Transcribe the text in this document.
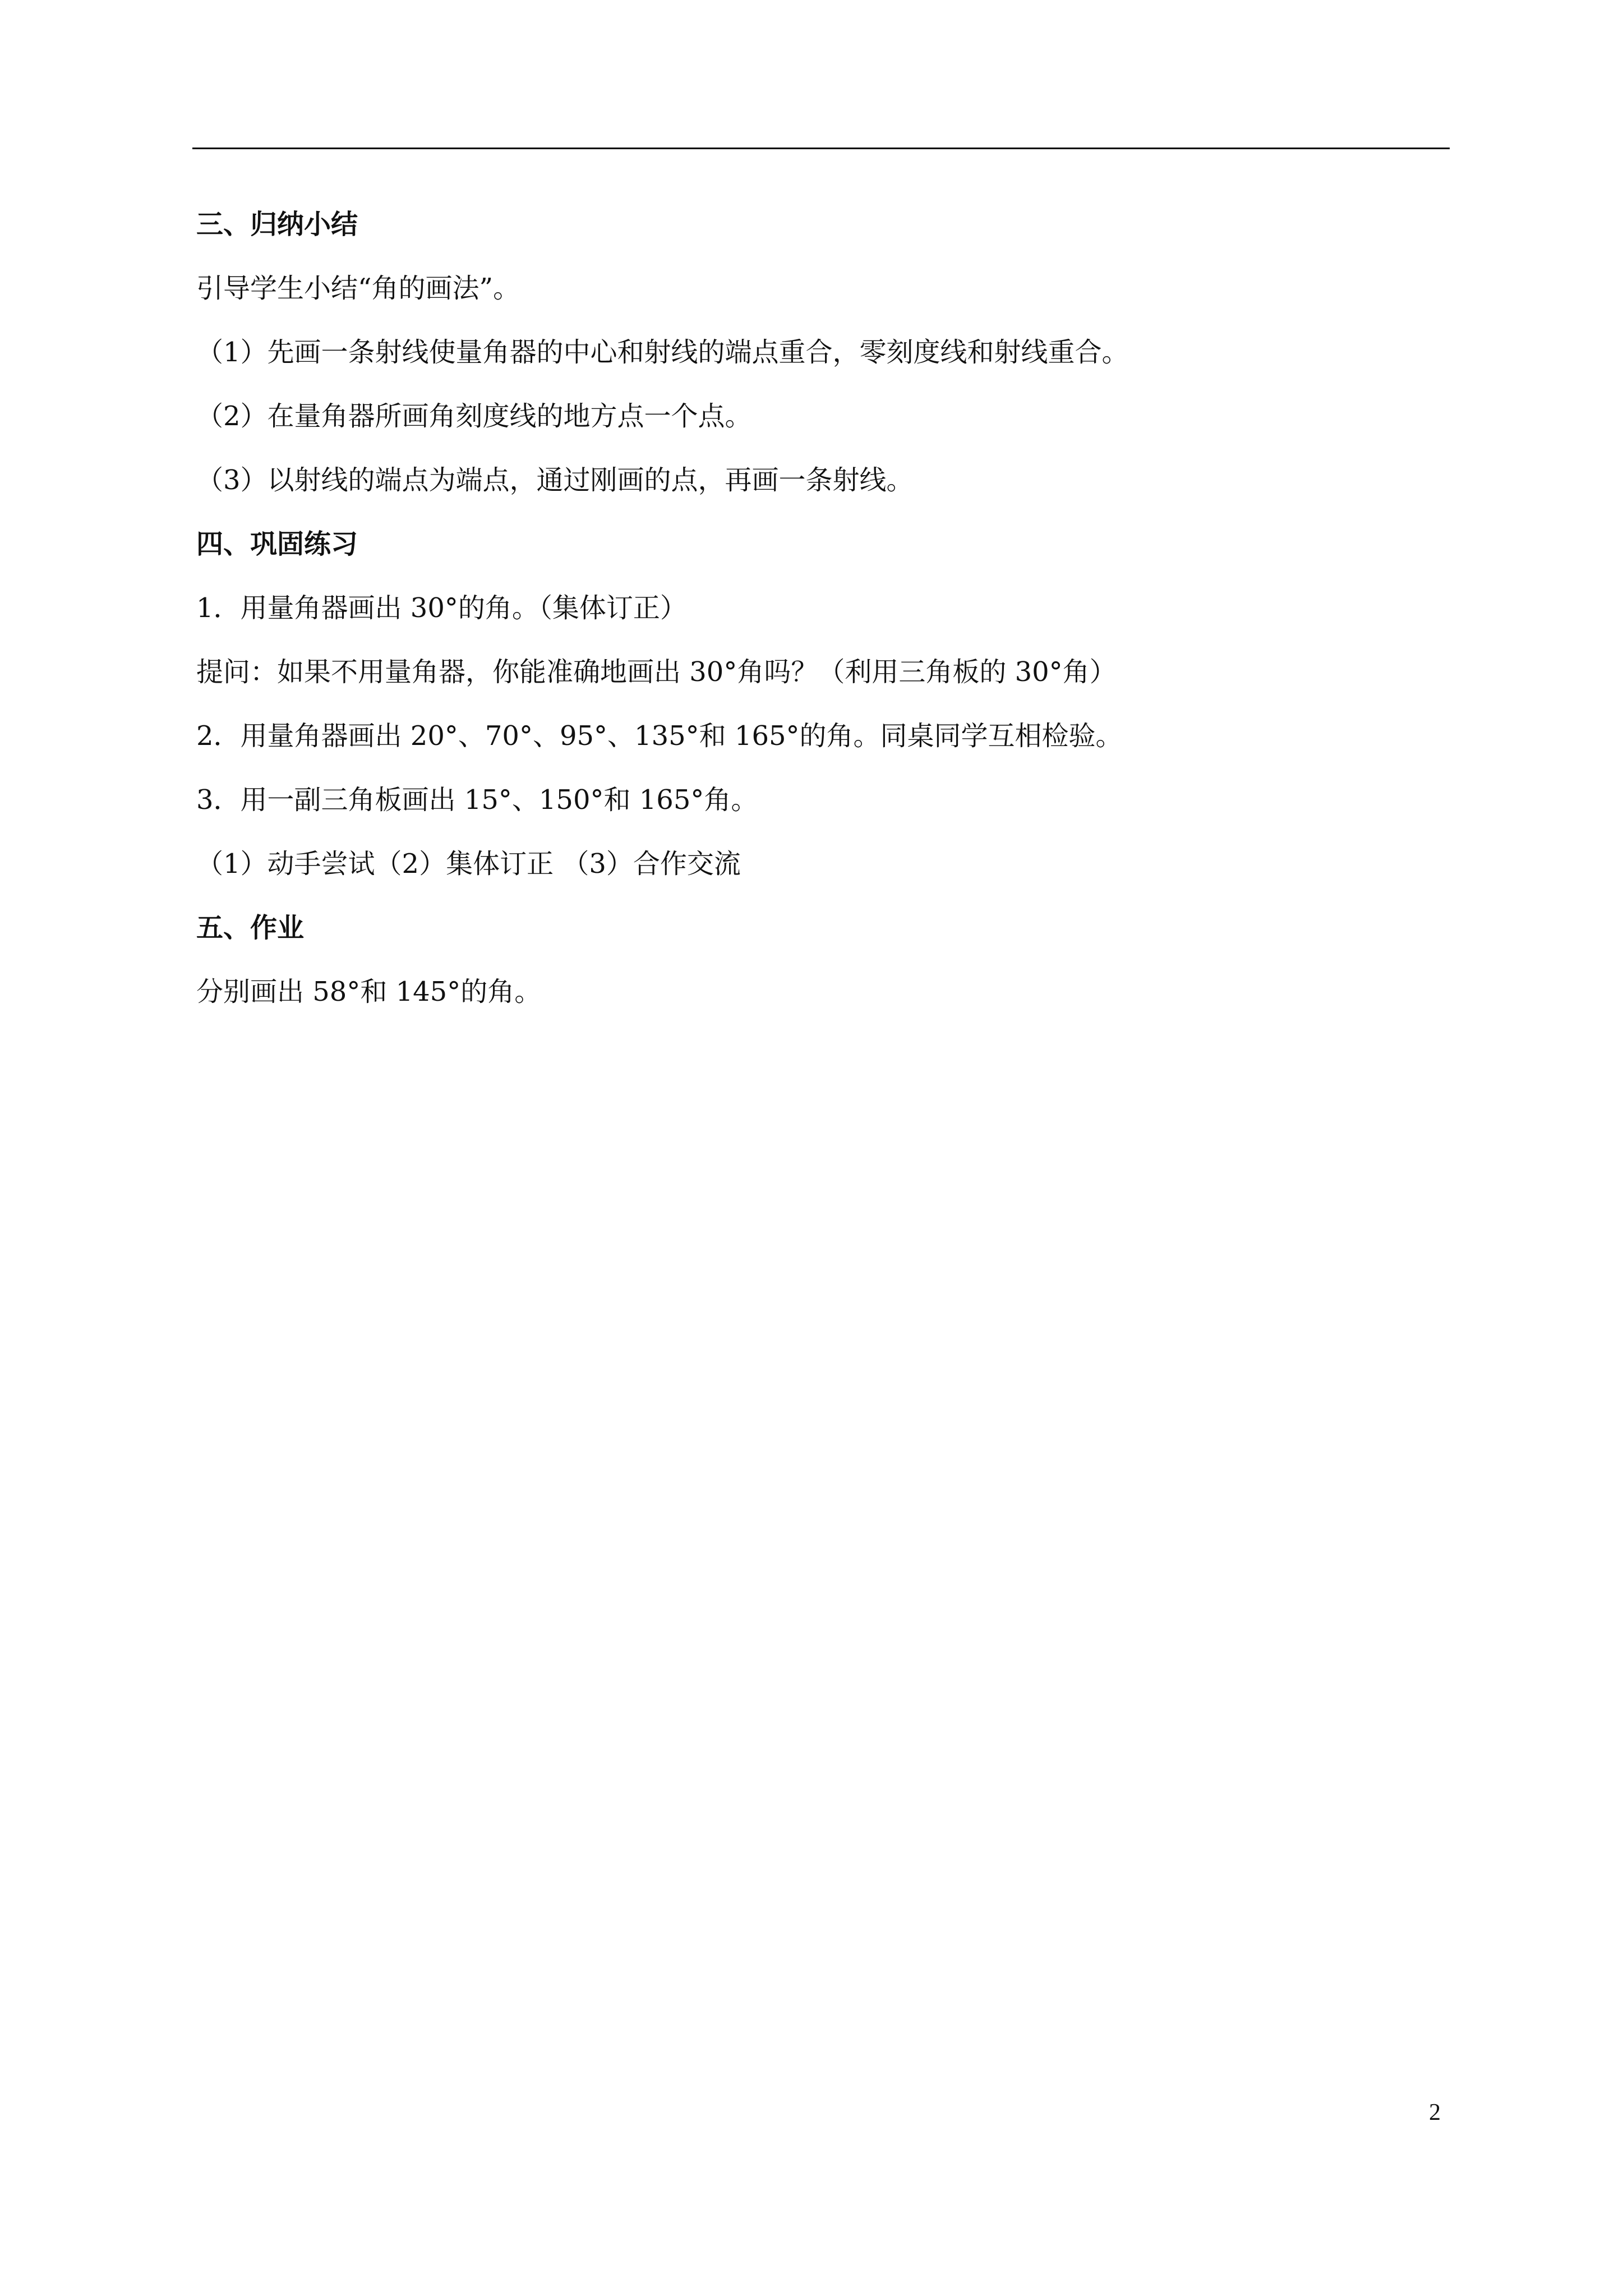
三、归纳小结
引导学生小结“角的画法”。
（1）先画一条射线使量角器的中心和射线的端点重合，零刻度线和射线重合。
（2）在量角器所画角刻度线的地方点一个点。
（3）以射线的端点为端点，通过刚画的点，再画一条射线。
四、巩固练习
1．用量角器画出 30°的角。（集体订正）
提问：如果不用量角器，你能准确地画出 30°角吗？（利用三角板的 30°角）
2．用量角器画出 20°、70°、95°、135°和 165°的角。同桌同学互相检验。
3．用一副三角板画出 15°、150°和 165°角。
（1）动手尝试（2）集体订正 （3）合作交流
五、作业
分别画出 58°和 145°的角。
2
